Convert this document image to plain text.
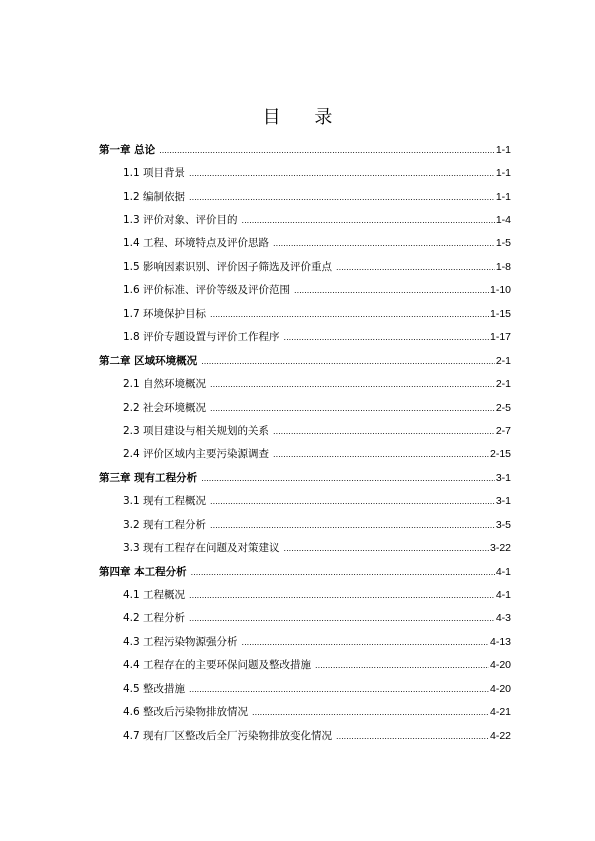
目 录
第一章 总论 .....	1-1
1.1 项目背景 .....	1-1
1.2 编制依据 .....	1-1
1.3 评价对象、评价目的 .....	1-4
1.4 工程、环境特点及评价思路 .....	1-5
1.5 影响因素识别、评价因子筛选及评价重点 .....	1-8
1.6 评价标准、评价等级及评价范围 .....	1-10
1.7 环境保护目标 .....	1-15
1.8 评价专题设置与评价工作程序 .....	1-17
第二章 区域环境概况 .....	2-1
2.1 自然环境概况 .....	2-1
2.2 社会环境概况 .....	2-5
2.3 项目建设与相关规划的关系 .....	2-7
2.4 评价区域内主要污染源调查 .....	2-15
第三章 现有工程分析 .....	3-1
3.1 现有工程概况 .....	3-1
3.2 现有工程分析 .....	3-5
3.3 现有工程存在问题及对策建议 .....	3-22
第四章 本工程分析 .....	4-1
4.1 工程概况 .....	4-1
4.2 工程分析 .....	4-3
4.3 工程污染物源强分析 .....	4-13
4.4 工程存在的主要环保问题及整改措施 .....	4-20
4.5 整改措施 .....	4-20
4.6 整改后污染物排放情况 .....	4-21
4.7 现有厂区整改后全厂污染物排放变化情况 .....	4-22
